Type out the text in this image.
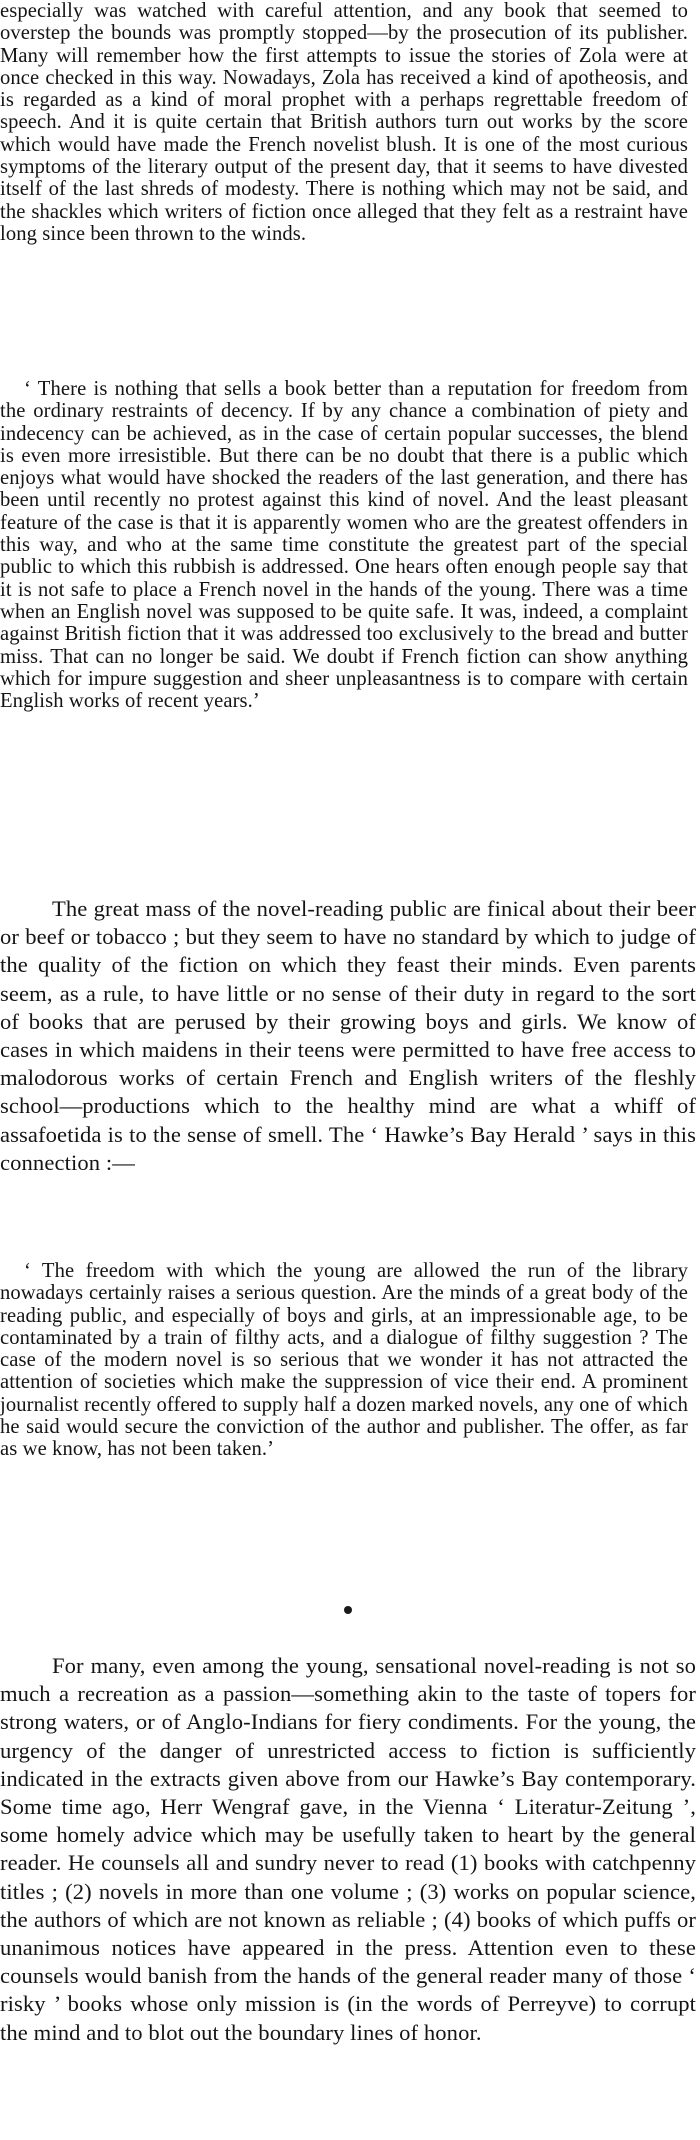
especially was watched with careful attention, and any book that seemed to overstep the bounds was promptly stopped—by the prosecution of its publisher. Many will remember how the first attempts to issue the stories of Zola were at once checked in this way. Nowadays, Zola has received a kind of apotheosis, and is regarded as a kind of moral prophet with a perhaps regrettable freedom of speech. And it is quite certain that British authors turn out works by the score which would have made the French novelist blush. It is one of the most curious symptoms of the literary output of the present day, that it seems to have divested itself of the last shreds of modesty. There is nothing which may not be said, and the shackles which writers of fiction once alleged that they felt as a restraint have long since been thrown to the winds.

‘ There is nothing that sells a book better than a reputation for freedom from the ordinary restraints of decency. If by any chance a combination of piety and indecency can be achieved, as in the case of certain popular successes, the blend is even more irresistible. But there can be no doubt that there is a public which enjoys what would have shocked the readers of the last generation, and there has been until recently no protest against this kind of novel. And the least pleasant feature of the case is that it is apparently women who are the greatest offenders in this way, and who at the same time constitute the greatest part of the special public to which this rubbish is addressed. One hears often enough people say that it is not safe to place a French novel in the hands of the young. There was a time when an English novel was supposed to be quite safe. It was, indeed, a complaint against British fiction that it was addressed too exclusively to the bread and butter miss. That can no longer be said. We doubt if French fiction can show anything which for impure suggestion and sheer unpleasantness is to compare with certain English works of recent years.’

The great mass of the novel-reading public are finical about their beer or beef or tobacco ; but they seem to have no standard by which to judge of the quality of the fiction on which they feast their minds. Even parents seem, as a rule, to have little or no sense of their duty in regard to the sort of books that are perused by their growing boys and girls. We know of cases in which maidens in their teens were permitted to have free access to malodorous works of certain French and English writers of the fleshly school—productions which to the healthy mind are what a whiff of assafoetida is to the sense of smell. The ‘ Hawke’s Bay Herald ’ says in this connection :—

‘ The freedom with which the young are allowed the run of the library nowadays certainly raises a serious question. Are the minds of a great body of the reading public, and especially of boys and girls, at an impressionable age, to be contaminated by a train of filthy acts, and a dialogue of filthy suggestion ? The case of the modern novel is so serious that we wonder it has not attracted the attention of societies which make the suppression of vice their end. A prominent journalist recently offered to supply half a dozen marked novels, any one of which he said would secure the conviction of the author and publisher. The offer, as far as we know, has not been taken.’

For many, even among the young, sensational novel-reading is not so much a recreation as a passion—something akin to the taste of topers for strong waters, or of Anglo-Indians for fiery condiments. For the young, the urgency of the danger of unrestricted access to fiction is sufficiently indicated in the extracts given above from our Hawke’s Bay contemporary. Some time ago, Herr Wengraf gave, in the Vienna ‘ Literatur-Zeitung ’, some homely advice which may be usefully taken to heart by the general reader. He counsels all and sundry never to read (1) books with catchpenny titles ; (2) novels in more than one volume ; (3) works on popular science, the authors of which are not known as reliable ; (4) books of which puffs or unanimous notices have appeared in the press. Attention even to these counsels would banish from the hands of the general reader many of those ‘ risky ’ books whose only mission is (in the words of Perreyve) to corrupt the mind and to blot out the boundary lines of honor.
